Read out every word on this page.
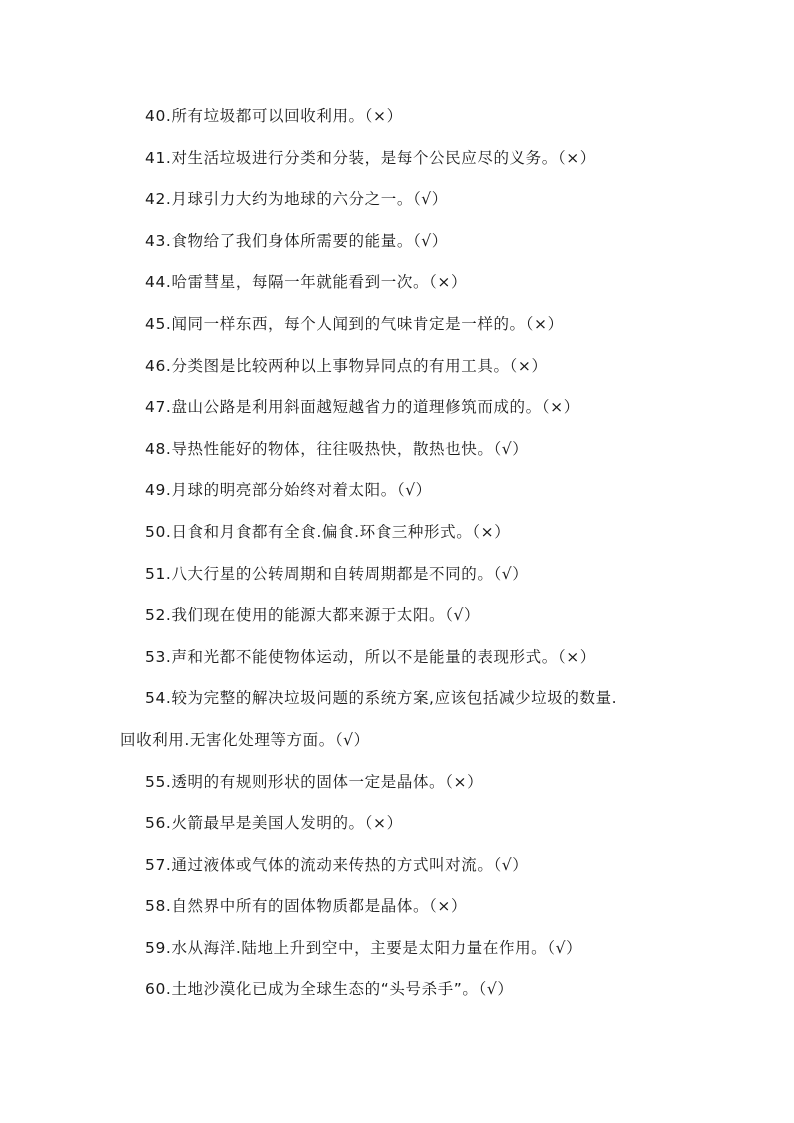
40.所有垃圾都可以回收利用。（×）
41.对生活垃圾进行分类和分装，是每个公民应尽的义务。（×）
42.月球引力大约为地球的六分之一。（√）
43.食物给了我们身体所需要的能量。（√）
44.哈雷彗星，每隔一年就能看到一次。（×）
45.闻同一样东西，每个人闻到的气味肯定是一样的。（×）
46.分类图是比较两种以上事物异同点的有用工具。（×）
47.盘山公路是利用斜面越短越省力的道理修筑而成的。（×）
48.导热性能好的物体，往往吸热快，散热也快。（√）
49.月球的明亮部分始终对着太阳。（√）
50.日食和月食都有全食.偏食.环食三种形式。（×）
51.八大行星的公转周期和自转周期都是不同的。（√）
52.我们现在使用的能源大都来源于太阳。（√）
53.声和光都不能使物体运动，所以不是能量的表现形式。（×）
54.较为完整的解决垃圾问题的系统方案,应该包括减少垃圾的数量.
回收利用.无害化处理等方面。（√）
55.透明的有规则形状的固体一定是晶体。（×）
56.火箭最早是美国人发明的。（×）
57.通过液体或气体的流动来传热的方式叫对流。（√）
58.自然界中所有的固体物质都是晶体。（×）
59.水从海洋.陆地上升到空中，主要是太阳力量在作用。（√）
60.土地沙漠化已成为全球生态的“头号杀手”。（√）
